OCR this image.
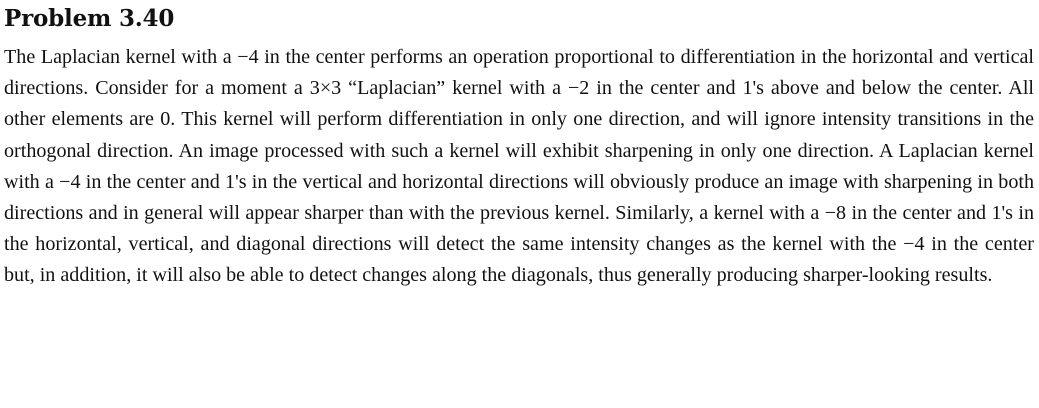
Problem 3.40

The Laplacian kernel with a −4 in the center performs an operation proportional to differentiation in the horizontal and vertical directions. Consider for a moment a 3×3 “Laplacian” kernel with a −2 in the center and 1's above and below the center. All other elements are 0. This kernel will perform differentiation in only one direction, and will ignore intensity transitions in the orthogonal direction. An image processed with such a kernel will exhibit sharpening in only one direction. A Laplacian kernel with a −4 in the center and 1's in the vertical and horizontal directions will obviously produce an image with sharpening in both directions and in general will appear sharper than with the previous kernel. Similarly, a kernel with a −8 in the center and 1's in the horizontal, vertical, and diagonal directions will detect the same intensity changes as the kernel with the −4 in the center but, in addition, it will also be able to detect changes along the diagonals, thus generally producing sharper-looking results.
